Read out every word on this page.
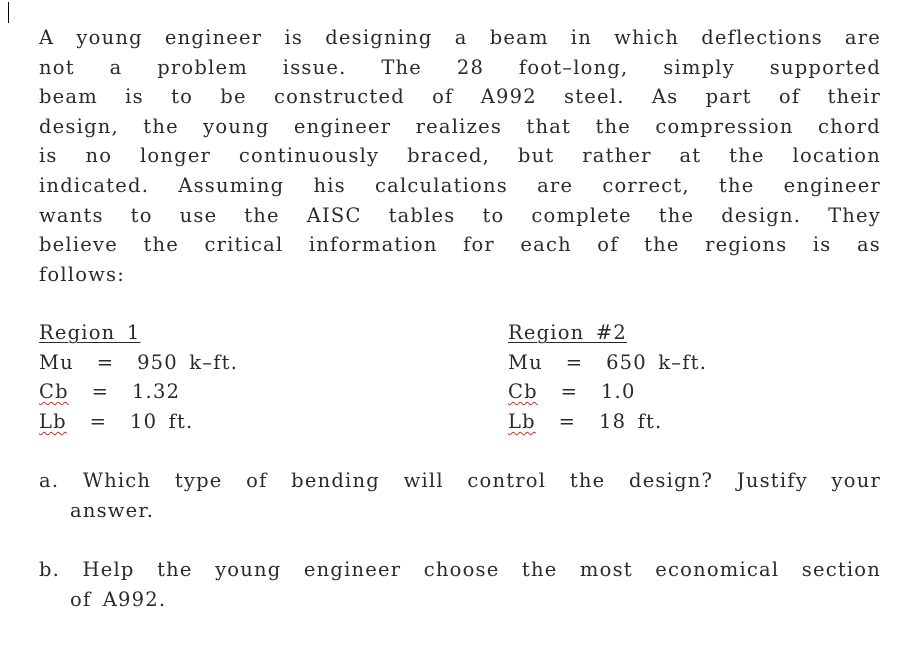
A young engineer is designing a beam in which deflections are
not a problem issue. The 28 foot–long, simply supported
beam is to be constructed of A992 steel. As part of their
design, the young engineer realizes that the compression chord
is no longer continuously braced, but rather at the location
indicated. Assuming his calculations are correct, the engineer
wants to use the AISC tables to complete the design. They
believe the critical information for each of the regions is as
follows:
Region 1
Mu  =  950 k–ft.
Cb  =  1.32
Lb  =  10 ft.
Region #2
Mu  =  650 k–ft.
Cb  =  1.0
Lb  =  18 ft.
a. Which type of bending will control the design? Justify your
answer.
b. Help the young engineer choose the most economical section
of A992.
